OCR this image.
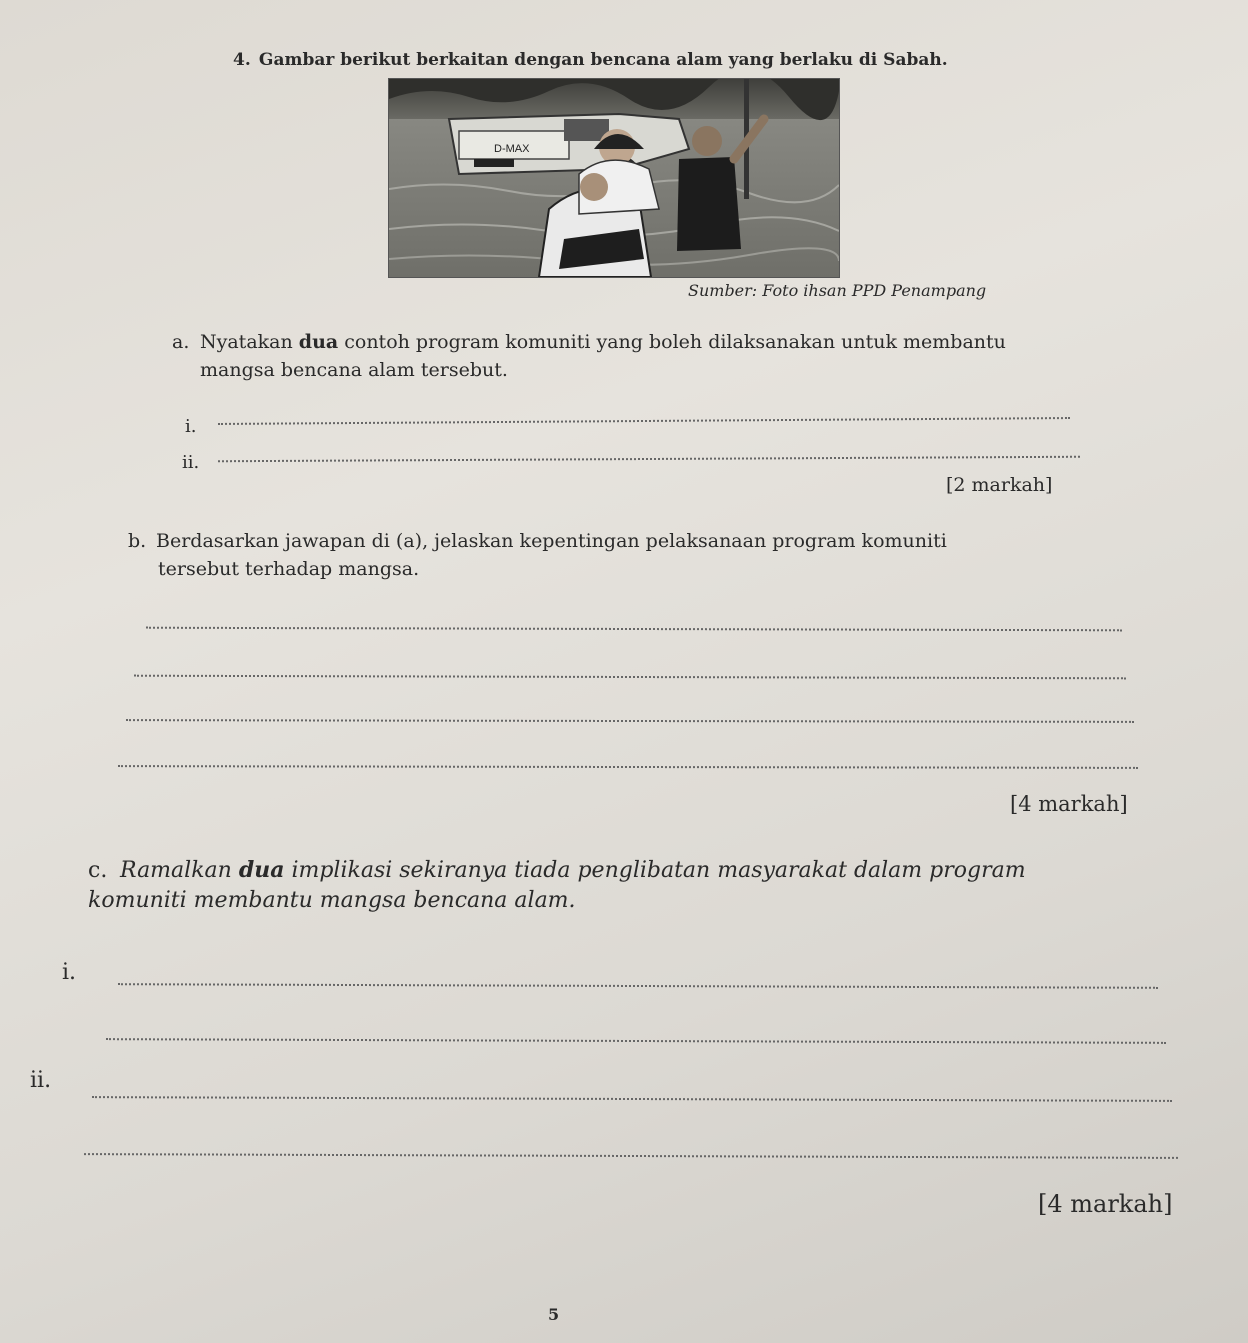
4. Gambar berikut berkaitan dengan bencana alam yang berlaku di Sabah.
D-MAX
Sumber: Foto ihsan PPD Penampang
a. Nyatakan dua contoh program komuniti yang boleh dilaksanakan untuk membantu
mangsa bencana alam tersebut.
i.
ii.
[2 markah]
b. Berdasarkan jawapan di (a), jelaskan kepentingan pelaksanaan program komuniti
tersebut terhadap mangsa.
[4 markah]
c. Ramalkan dua implikasi sekiranya tiada penglibatan masyarakat dalam program
komuniti membantu mangsa bencana alam.
i.
ii.
[4 markah]
5
